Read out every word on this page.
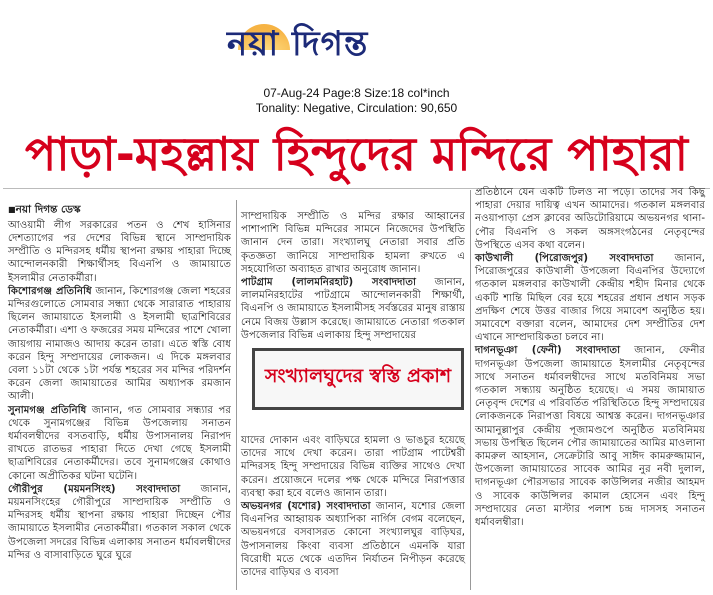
নয়া দিগন্ত
07-Aug-24 Page:8 Size:18 col*inch
Tonality: Negative, Circulation: 90,650
পাড়া-মহল্লায় হিন্দুদের মন্দিরে পাহারা
■ নয়া দিগন্ত ডেস্ক

আওয়ামী লীগ সরকারের পতন ও শেখ হাসিনার দেশত্যাগের পর দেশের বিভিন্ন স্থানে সাম্প্রদায়িক সম্প্রীতি ও মন্দিরসহ ধর্মীয় স্থাপনা রক্ষায় পাহারা দিচ্ছে আন্দোলনকারী শিক্ষার্থীসহ বিএনপি ও জামায়াতে ইসলামীর নেতাকর্মীরা।

কিশোরগঞ্জ প্রতিনিধি জানান, কিশোরগঞ্জ জেলা শহরের মন্দিরগুলোতে সোমবার সন্ধ্যা থেকে সারারাত পাহারায় ছিলেন জামায়াতে ইসলামী ও ইসলামী ছাত্রশিবিরের নেতাকর্মীরা। এশা ও ফজরের সময় মন্দিরের পাশে খোলা জায়গায় নামাজও আদায় করেন তারা। এতে স্বস্তি বোধ করেন হিন্দু সম্প্রদায়ের লোকজন। এ দিকে মঙ্গলবার বেলা ১১টা থেকে ১টা পর্যন্ত শহরের সব মন্দির পরিদর্শন করেন জেলা জামায়াতের আমির অধ্যাপক রমজান আলী।

সুনামগঞ্জ প্রতিনিধি জানান, গত সোমবার সন্ধ্যার পর থেকে সুনামগঞ্জের বিভিন্ন উপজেলায় সনাতন ধর্মাবলম্বীদের বসতবাড়ি, ধর্মীয় উপাসনালয় নিরাপদ রাখতে রাতভর পাহারা দিতে দেখা গেছে ইসলামী ছাত্রশিবিরের নেতাকর্মীদের। তবে সুনামগঞ্জের কোথাও কোনো অপ্রীতিকর ঘটনা ঘটেনি।

গৌরীপুর (ময়মনসিংহ) সংবাদদাতা জানান, ময়মনসিংহের গৌরীপুরে সাম্প্রদায়িক সম্প্রীতি ও মন্দিরসহ ধর্মীয় স্থাপনা রক্ষায় পাহারা দিচ্ছেন পৌর জামায়াতে ইসলামীর নেতাকর্মীরা। গতকাল সকাল থেকে উপজেলা সদরের বিভিন্ন এলাকায় সনাতন ধর্মাবলম্বীদের মন্দির ও বাসাবাড়িতে ঘুরে ঘুরে

সাম্প্রদায়িক সম্প্রীতি ও মন্দির রক্ষার আহ্বানের পাশাপাশি বিভিন্ন মন্দিরের সামনে নিজেদের উপস্থিতি জানান দেন তারা। সংখ্যালঘু নেতারা সবার প্রতি কৃতজ্ঞতা জানিয়ে সাম্প্রদায়িক হামলা রুখতে এ সহযোগিতা অব্যাহত রাখার অনুরোধ জানান।

পাটগ্রাম (লালমনিরহাট) সংবাদদাতা জানান, লালমনিরহাটের পাটগ্রামে আন্দোলনকারী শিক্ষার্থী, বিএনপি ও জামায়াতে ইসলামীসহ সর্বস্তরের মানুষ রাস্তায় নেমে বিজয় উল্লাস করেছে। জামায়াতে নেতারা গতকাল উপজেলার বিভিন্ন এলাকায় হিন্দু সম্প্রদায়ের

সংখ্যালঘুদের স্বস্তি প্রকাশ

যাদের দোকান এবং বাড়িঘরে হামলা ও ভাঙচুর হয়েছে তাদের সাথে দেখা করেন। তারা পাটগ্রাম পাটেশ্বরী মন্দিরসহ হিন্দু সম্প্রদায়ের বিভিন্ন ব্যক্তির সাথেও দেখা করেন। প্রয়োজনে দলের পক্ষ থেকে মন্দিরে নিরাপত্তার ব্যবস্থা করা হবে বলেও জানান তারা।

অভয়নগর (যশোর) সংবাদদাতা জানান, যশোর জেলা বিএনপির আহ্বায়ক অধ্যাপিকা নার্গিস বেগম বলেছেন, অভয়নগরে বসবাসরত কোনো সংখ্যালঘুর বাড়িঘর, উপাসনালয় কিংবা ব্যবসা প্রতিষ্ঠানে এমনকি যারা বিরোধী মতে থেকে এতদিন নির্যাতন নিপীড়ন করেছে তাদের বাড়িঘর ও ব্যবসা

প্রতিষ্ঠানে যেন একটি ঢিলও না পড়ে। তাদের সব কিছু পাহারা দেয়ার দায়িত্ব এখন আমাদের। গতকাল মঙ্গলবার নওয়াপাড়া প্রেস ক্লাবের অডিটোরিয়ামে অভয়নগর থানা-পৌর বিএনপি ও সকল অঙ্গসংগঠনের নেতৃবৃন্দের উপস্থিতে এসব কথা বলেন।

কাউখালী (পিরোজপুর) সংবাদদাতা জানান, পিরোজপুরের কাউখালী উপজেলা বিএনপির উদ্যোগে গতকাল মঙ্গলবার কাউখালী কেন্দ্রীয় শহীদ মিনার থেকে একটি শান্তি মিছিল বের হয়ে শহরের প্রধান প্রধান সড়ক প্রদক্ষিণ শেষে উত্তর বাজার গিয়ে সমাবেশ অনুষ্ঠিত হয়। সমাবেশে বক্তারা বলেন, আমাদের দেশ সম্প্রীতির দেশ এখানে সাম্প্রদায়িকতা চলবে না।

দাগনভূঞা (ফেনী) সংবাদদাতা জানান, ফেনীর দাগনভূঞা উপজেলা জামায়াতে ইসলামীর নেতৃবৃন্দের সাথে সনাতন ধর্মাবলম্বীদের সাথে মতবিনিময় সভা গতকাল সন্ধ্যায় অনুষ্ঠিত হয়েছে। এ সময় জামায়াত নেতৃবৃন্দ দেশের এ পরিবর্তিত পরিস্থিতিতে হিন্দু সম্প্রদায়ের লোকজনকে নিরাপত্তা বিষয়ে আশ্বস্ত করেন। দাগনভূঞার আমানুল্লাপুর কেন্দ্রীয় পূজামণ্ডপে অনুষ্ঠিত মতবিনিময় সভায় উপস্থিত ছিলেন পৌর জামায়াতের আমির মাওলানা কামরুল আহসান, সেক্রেটারি আবু সাঈদ কামরুজ্জামান, উপজেলা জামায়াতের সাবেক আমির নুর নবী দুলাল, দাগনভূঞা পৌরসভার সাবেক কাউন্সিলর নজীর আহমদ ও সাবেক কাউন্সিলর কামাল হোসেন এবং হিন্দু সম্প্রদায়ের নেতা মাস্টার পলাশ চন্দ্র দাসসহ সনাতন ধর্মাবলম্বীরা।
